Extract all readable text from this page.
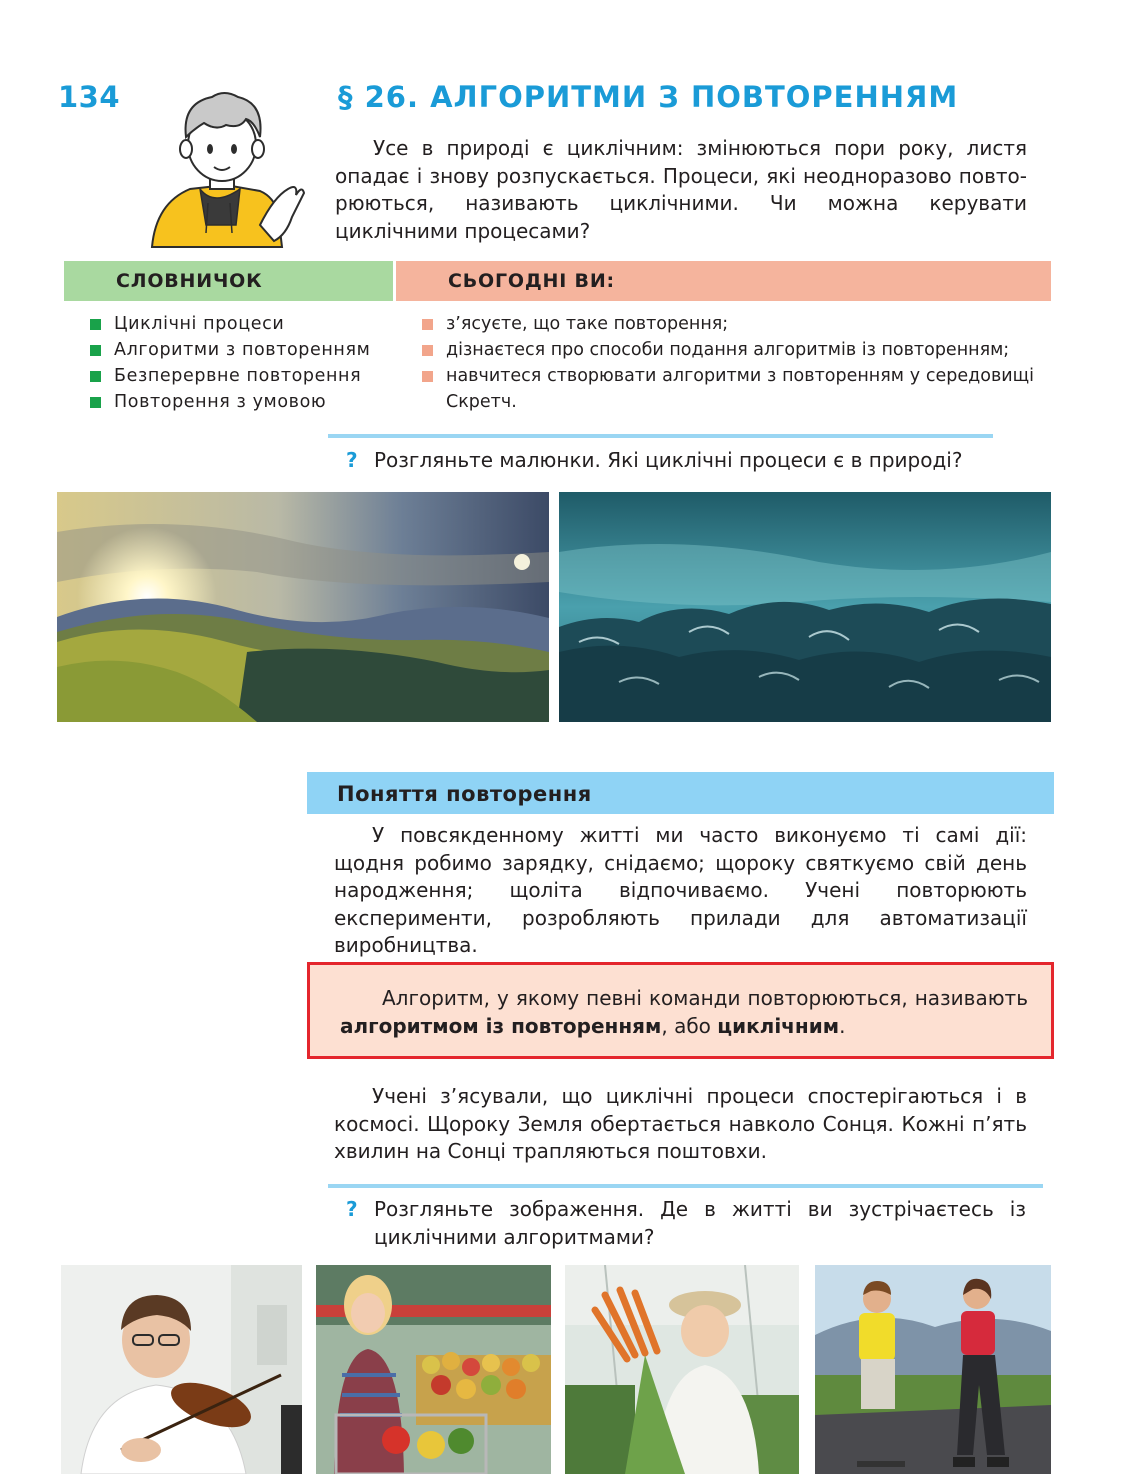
134	§ 26. АЛГОРИТМИ З ПОВТОРЕННЯМ
Усе в природі є циклічним: змінюються пори року, листя опадає і знову розпускається. Процеси, які неодноразово повторюються, називають циклічними. Чи можна керувати циклічними процесами?
СЛОВНИЧОК	СЬОГОДНІ ВИ:
Циклічні процеси
Алгоритми з повторенням
Безперервне повторення
Повторення з умовою
з’ясуєте, що таке повторення;
дізнаєтеся про способи подання алгоритмів із повторенням;
навчитеся створювати алгоритми з повторенням у середовищі Скретч.
? Розгляньте малюнки. Які циклічні процеси є в природі?
Поняття повторення
У повсякденному житті ми часто виконуємо ті самі дії: щодня робимо зарядку, снідаємо; щороку святкуємо свій день народження; щоліта відпочиваємо. Учені повторюють експерименти, розробляють прилади для автоматизації виробництва.
Алгоритм, у якому певні команди повторюються, називають алгоритмом із повторенням, або циклічним.
Учені з’ясували, що циклічні процеси спостерігаються і в космосі. Щороку Земля обертається навколо Сонця. Кожні п’ять хвилин на Сонці трапляються поштовхи.
? Розгляньте зображення. Де в житті ви зустрічаєтесь із циклічними алгоритмами?
